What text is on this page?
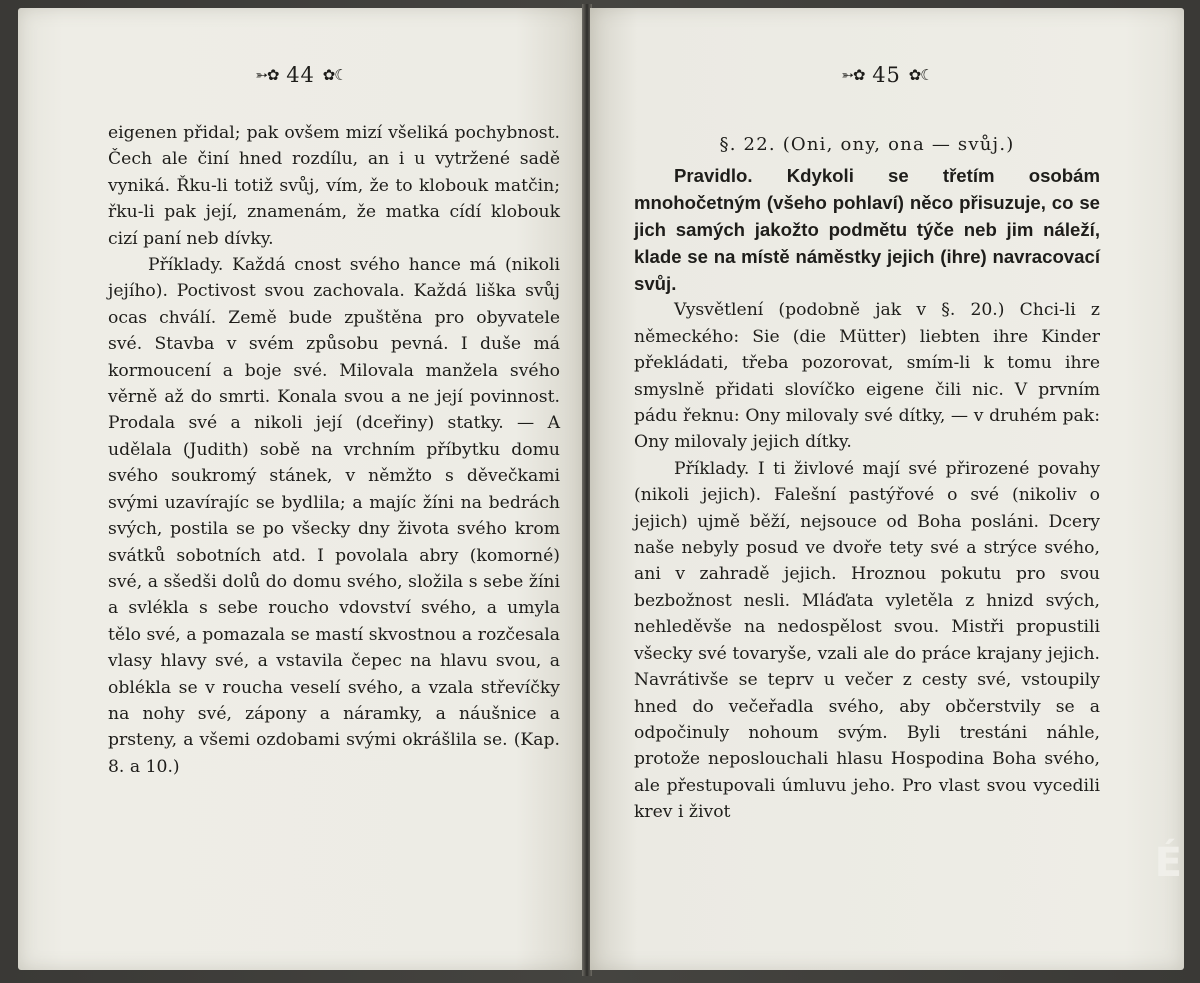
➳✿ 44 ✿☾

eigenen přidal; pak ovšem mizí všeliká pochybnost. Čech ale činí hned rozdílu, an i u vytržené sadě vyniká. Řku-li totiž svůj, vím, že to klobouk matčin; řku-li pak její, znamenám, že matka cídí klobouk cizí paní neb dívky.

Příklady. Každá cnost svého hance má (nikoli jejího). Poctivost svou zachovala. Každá liška svůj ocas chválí. Země bude zpuštěna pro obyvatele své. Stavba v svém způsobu pevná. I duše má kormoucení a boje své. Milovala manžela svého věrně až do smrti. Konala svou a ne její povinnost. Prodala své a nikoli její (dceřiny) statky. — A udělala (Judith) sobě na vrchním příbytku domu svého soukromý stánek, v němžto s děvečkami svými uzavírajíc se bydlila; a majíc žíni na bedrách svých, postila se po všecky dny života svého krom svátků sobotních atd. I povolala abry (komorné) své, a sšedši dolů do domu svého, složila s sebe žíni a svlékla s sebe roucho vdovství svého, a umyla tělo své, a pomazala se mastí skvostnou a rozčesala vlasy hlavy své, a vstavila čepec na hlavu svou, a oblékla se v roucha veselí svého, a vzala střevíčky na nohy své, zápony a náramky, a náušnice a prsteny, a všemi ozdobami svými okrášlila se. (Kap. 8. a 10.)

➳✿ 45 ✿☾

§. 22. (Oni, ony, ona — svůj.)

Pravidlo. Kdykoli se třetím osobám mnohočetným (všeho pohlaví) něco přisuzuje, co se jich samých jakožto podmětu týče neb jim náleží, klade se na místě náměstky jejich (ihre) navracovací svůj.

Vysvětlení (podobně jak v §. 20.) Chci-li z německého: Sie (die Mütter) liebten ihre Kinder překládati, třeba pozorovat, smím-li k tomu ihre smyslně přidati slovíčko eigene čili nic. V prvním pádu řeknu: Ony milovaly své dítky, — v druhém pak: Ony milovaly jejich dítky.

Příklady. I ti živlové mají své přirozené povahy (nikoli jejich). Falešní pastýřové o své (nikoliv o jejich) ujmě běží, nejsouce od Boha posláni. Dcery naše nebyly posud ve dvoře tety své a strýce svého, ani v zahradě jejich. Hroznou pokutu pro svou bezbožnost nesli. Mláďata vyletěla z hnizd svých, nehleděvše na nedospělost svou. Mistři propustili všecky své tovaryše, vzali ale do práce krajany jejich. Navrátivše se teprv u večer z cesty své, vstoupily hned do večeřadla svého, aby občerstvily se a odpočinuly nohoum svým. Byli trestáni náhle, protože neposlouchali hlasu Hospodina Boha svého, ale přestupovali úmluvu jeho. Pro vlast svou vycedili krev i život

É
